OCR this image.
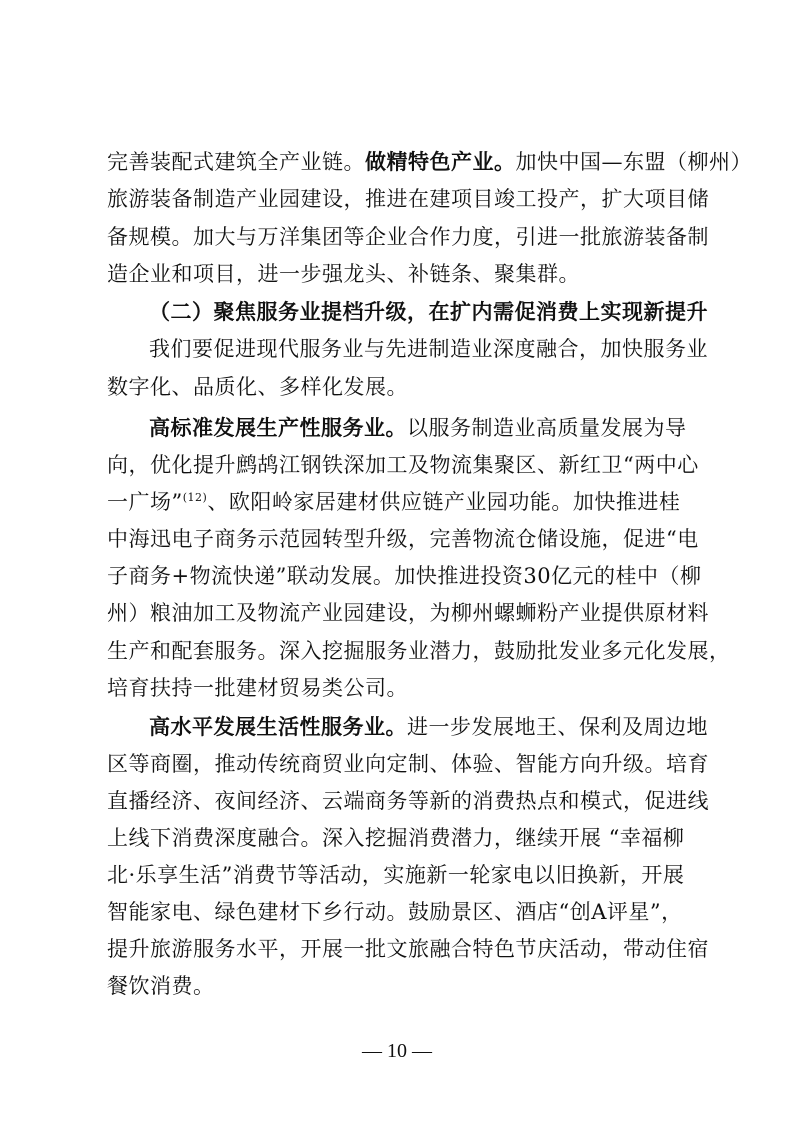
完善装配式建筑全产业链。做精特色产业。加快中国—东盟（柳州）
旅游装备制造产业园建设，推进在建项目竣工投产，扩大项目储
备规模。加大与万洋集团等企业合作力度，引进一批旅游装备制
造企业和项目，进一步强龙头、补链条、聚集群。
（二）聚焦服务业提档升级，在扩内需促消费上实现新提升
我们要促进现代服务业与先进制造业深度融合，加快服务业
数字化、品质化、多样化发展。
高标准发展生产性服务业。以服务制造业高质量发展为导
向，优化提升鹧鸪江钢铁深加工及物流集聚区、新红卫“两中心
一广场”$^{(12)}$、欧阳岭家居建材供应链产业园功能。加快推进桂
中海迅电子商务示范园转型升级，完善物流仓储设施，促进“电
子商务+物流快递”联动发展。加快推进投资30亿元的桂中（柳
州）粮油加工及物流产业园建设，为柳州螺蛳粉产业提供原材料
生产和配套服务。深入挖掘服务业潜力，鼓励批发业多元化发展，
培育扶持一批建材贸易类公司。
高水平发展生活性服务业。进一步发展地王、保利及周边地
区等商圈，推动传统商贸业向定制、体验、智能方向升级。培育
直播经济、夜间经济、云端商务等新的消费热点和模式，促进线
上线下消费深度融合。深入挖掘消费潜力，继续开展 “幸福柳
北·乐享生活”消费节等活动，实施新一轮家电以旧换新，开展
智能家电、绿色建材下乡行动。鼓励景区、酒店“创A评星”，
提升旅游服务水平，开展一批文旅融合特色节庆活动，带动住宿
餐饮消费。
— 10 —
